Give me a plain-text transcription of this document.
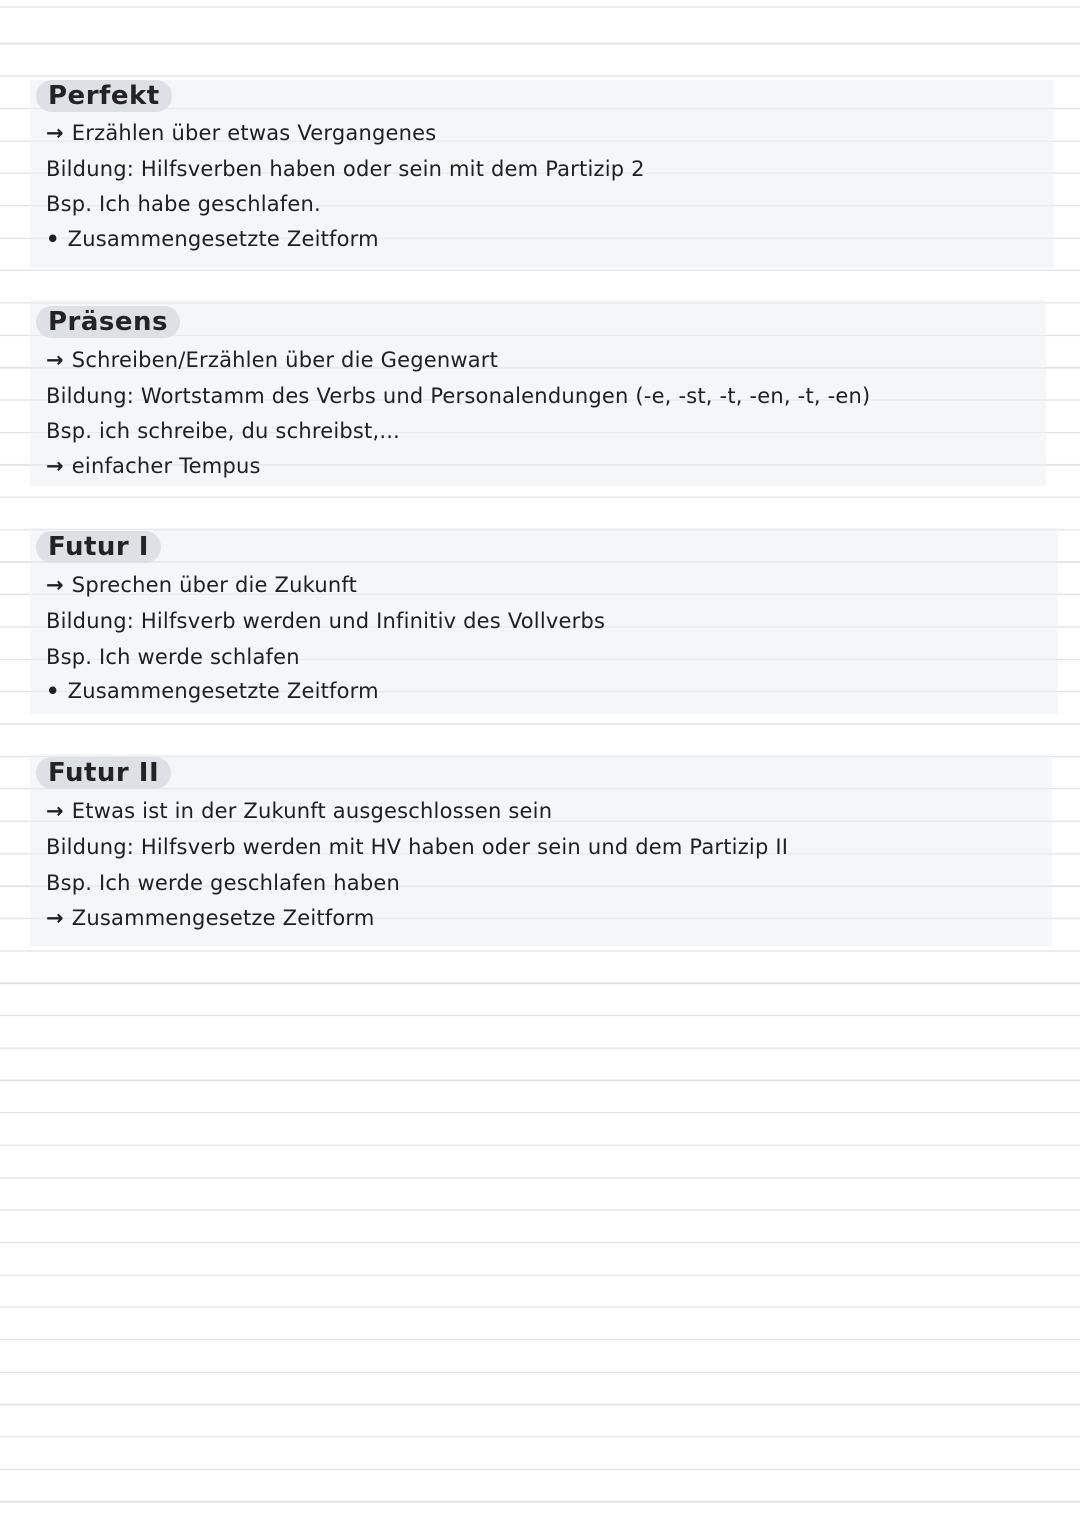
Perfekt
→ Erzählen über etwas Vergangenes
Bildung: Hilfsverben haben oder sein mit dem Partizip 2
Bsp. Ich habe geschlafen.
• Zusammengesetzte Zeitform
Präsens
→ Schreiben/Erzählen über die Gegenwart
Bildung: Wortstamm des Verbs und Personalendungen (-e, -st, -t, -en, -t, -en)
Bsp. ich schreibe, du schreibst,...
→ einfacher Tempus
Futur I
→ Sprechen über die Zukunft
Bildung: Hilfsverb werden und Infinitiv des Vollverbs
Bsp. Ich werde schlafen
• Zusammengesetzte Zeitform
Futur II
→ Etwas ist in der Zukunft ausgeschlossen sein
Bildung: Hilfsverb werden mit HV haben oder sein und dem Partizip II
Bsp. Ich werde geschlafen haben
→ Zusammengesetze Zeitform
